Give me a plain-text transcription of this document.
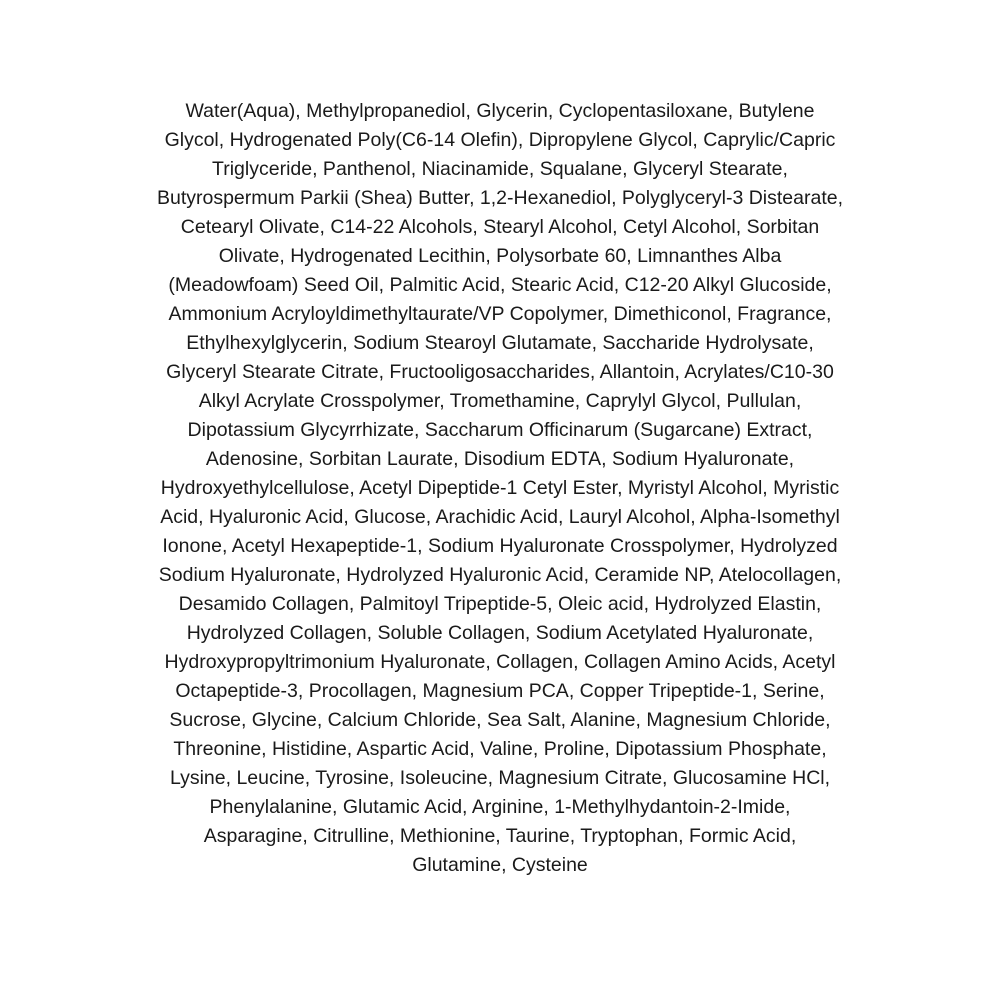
Water(Aqua), Methylpropanediol, Glycerin, Cyclopentasiloxane, Butylene
Glycol, Hydrogenated Poly(C6-14 Olefin), Dipropylene Glycol, Caprylic/Capric
Triglyceride, Panthenol, Niacinamide, Squalane, Glyceryl Stearate,
Butyrospermum Parkii (Shea) Butter, 1,2-Hexanediol, Polyglyceryl-3 Distearate,
Cetearyl Olivate, C14-22 Alcohols, Stearyl Alcohol, Cetyl Alcohol, Sorbitan
Olivate, Hydrogenated Lecithin, Polysorbate 60, Limnanthes Alba
(Meadowfoam) Seed Oil, Palmitic Acid, Stearic Acid, C12-20 Alkyl Glucoside,
Ammonium Acryloyldimethyltaurate/VP Copolymer, Dimethiconol, Fragrance,
Ethylhexylglycerin, Sodium Stearoyl Glutamate, Saccharide Hydrolysate,
Glyceryl Stearate Citrate, Fructooligosaccharides, Allantoin, Acrylates/C10-30
Alkyl Acrylate Crosspolymer, Tromethamine, Caprylyl Glycol, Pullulan,
Dipotassium Glycyrrhizate, Saccharum Officinarum (Sugarcane) Extract,
Adenosine, Sorbitan Laurate, Disodium EDTA, Sodium Hyaluronate,
Hydroxyethylcellulose, Acetyl Dipeptide-1 Cetyl Ester, Myristyl Alcohol, Myristic
Acid, Hyaluronic Acid, Glucose, Arachidic Acid, Lauryl Alcohol, Alpha-Isomethyl
Ionone, Acetyl Hexapeptide-1, Sodium Hyaluronate Crosspolymer, Hydrolyzed
Sodium Hyaluronate, Hydrolyzed Hyaluronic Acid, Ceramide NP, Atelocollagen,
Desamido Collagen, Palmitoyl Tripeptide-5, Oleic acid, Hydrolyzed Elastin,
Hydrolyzed Collagen, Soluble Collagen, Sodium Acetylated Hyaluronate,
Hydroxypropyltrimonium Hyaluronate, Collagen, Collagen Amino Acids, Acetyl
Octapeptide-3, Procollagen, Magnesium PCA, Copper Tripeptide-1, Serine,
Sucrose, Glycine, Calcium Chloride, Sea Salt, Alanine, Magnesium Chloride,
Threonine, Histidine, Aspartic Acid, Valine, Proline, Dipotassium Phosphate,
Lysine, Leucine, Tyrosine, Isoleucine, Magnesium Citrate, Glucosamine HCl,
Phenylalanine, Glutamic Acid, Arginine, 1-Methylhydantoin-2-Imide,
Asparagine, Citrulline, Methionine, Taurine, Tryptophan, Formic Acid,
Glutamine, Cysteine
